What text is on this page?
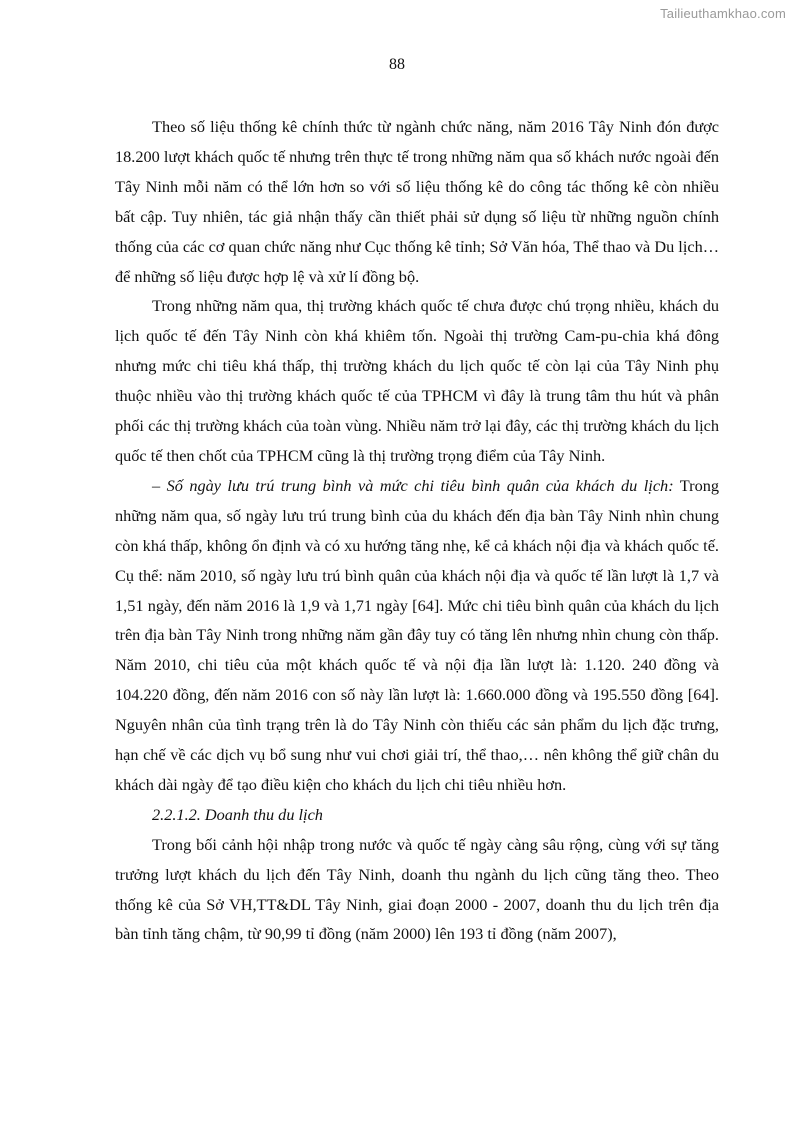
Tailieuthamkhao.com
88

Theo số liệu thống kê chính thức từ ngành chức năng, năm 2016 Tây Ninh đón được 18.200 lượt khách quốc tế nhưng trên thực tế trong những năm qua số khách nước ngoài đến Tây Ninh mỗi năm có thể lớn hơn so với số liệu thống kê do công tác thống kê còn nhiều bất cập. Tuy nhiên, tác giả nhận thấy cần thiết phải sử dụng số liệu từ những nguồn chính thống của các cơ quan chức năng như Cục thống kê tỉnh; Sở Văn hóa, Thể thao và Du lịch… để những số liệu được hợp lệ và xử lí đồng bộ.

Trong những năm qua, thị trường khách quốc tế chưa được chú trọng nhiều, khách du lịch quốc tế đến Tây Ninh còn khá khiêm tốn. Ngoài thị trường Cam-pu-chia khá đông nhưng mức chi tiêu khá thấp, thị trường khách du lịch quốc tế còn lại của Tây Ninh phụ thuộc nhiều vào thị trường khách quốc tế của TPHCM vì đây là trung tâm thu hút và phân phối các thị trường khách của toàn vùng. Nhiều năm trở lại đây, các thị trường khách du lịch quốc tế then chốt của TPHCM cũng là thị trường trọng điểm của Tây Ninh.

– Số ngày lưu trú trung bình và mức chi tiêu bình quân của khách du lịch: Trong những năm qua, số ngày lưu trú trung bình của du khách đến địa bàn Tây Ninh nhìn chung còn khá thấp, không ổn định và có xu hướng tăng nhẹ, kể cả khách nội địa và khách quốc tế. Cụ thể: năm 2010, số ngày lưu trú bình quân của khách nội địa và quốc tế lần lượt là 1,7 và 1,51 ngày, đến năm 2016 là 1,9 và 1,71 ngày [64]. Mức chi tiêu bình quân của khách du lịch trên địa bàn Tây Ninh trong những năm gần đây tuy có tăng lên nhưng nhìn chung còn thấp. Năm 2010, chi tiêu của một khách quốc tế và nội địa lần lượt là: 1.120. 240 đồng và 104.220 đồng, đến năm 2016 con số này lần lượt là: 1.660.000 đồng và 195.550 đồng [64]. Nguyên nhân của tình trạng trên là do Tây Ninh còn thiếu các sản phẩm du lịch đặc trưng, hạn chế về các dịch vụ bổ sung như vui chơi giải trí, thể thao,… nên không thể giữ chân du khách dài ngày để tạo điều kiện cho khách du lịch chi tiêu nhiều hơn.

2.2.1.2. Doanh thu du lịch

Trong bối cảnh hội nhập trong nước và quốc tế ngày càng sâu rộng, cùng với sự tăng trưởng lượt khách du lịch đến Tây Ninh, doanh thu ngành du lịch cũng tăng theo. Theo thống kê của Sở VH,TT&DL Tây Ninh, giai đoạn 2000 - 2007, doanh thu du lịch trên địa bàn tỉnh tăng chậm, từ 90,99 tỉ đồng (năm 2000) lên 193 tỉ đồng (năm 2007),
